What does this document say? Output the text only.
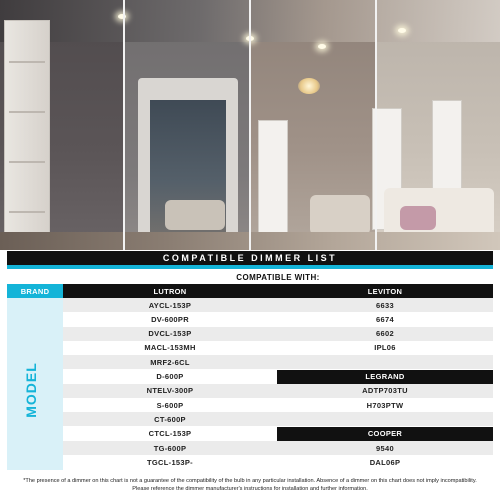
COMPATIBLE DIMMER LIST
MODEL
COMPATIBLE WITH:
BRAND	LUTRON	LEVITON
AYCL-153P	6633
DV-600PR	6674
DVCL-153P	6602
MACL-153MH	IPL06
MRF2-6CL
D-600P	LEGRAND
NTELV-300P	ADTP703TU
S-600P	H703PTW
CT-600P
CTCL-153P	COOPER
TG-600P	9540
TGCL-153P-	DAL06P
*The presence of a dimmer on this chart is not a guarantee of the compatibility of the bulb in any particular installation. Absence of a dimmer on this chart does not imply incompatibility. Please reference the dimmer manufacturer's instructions for installation and further information.
